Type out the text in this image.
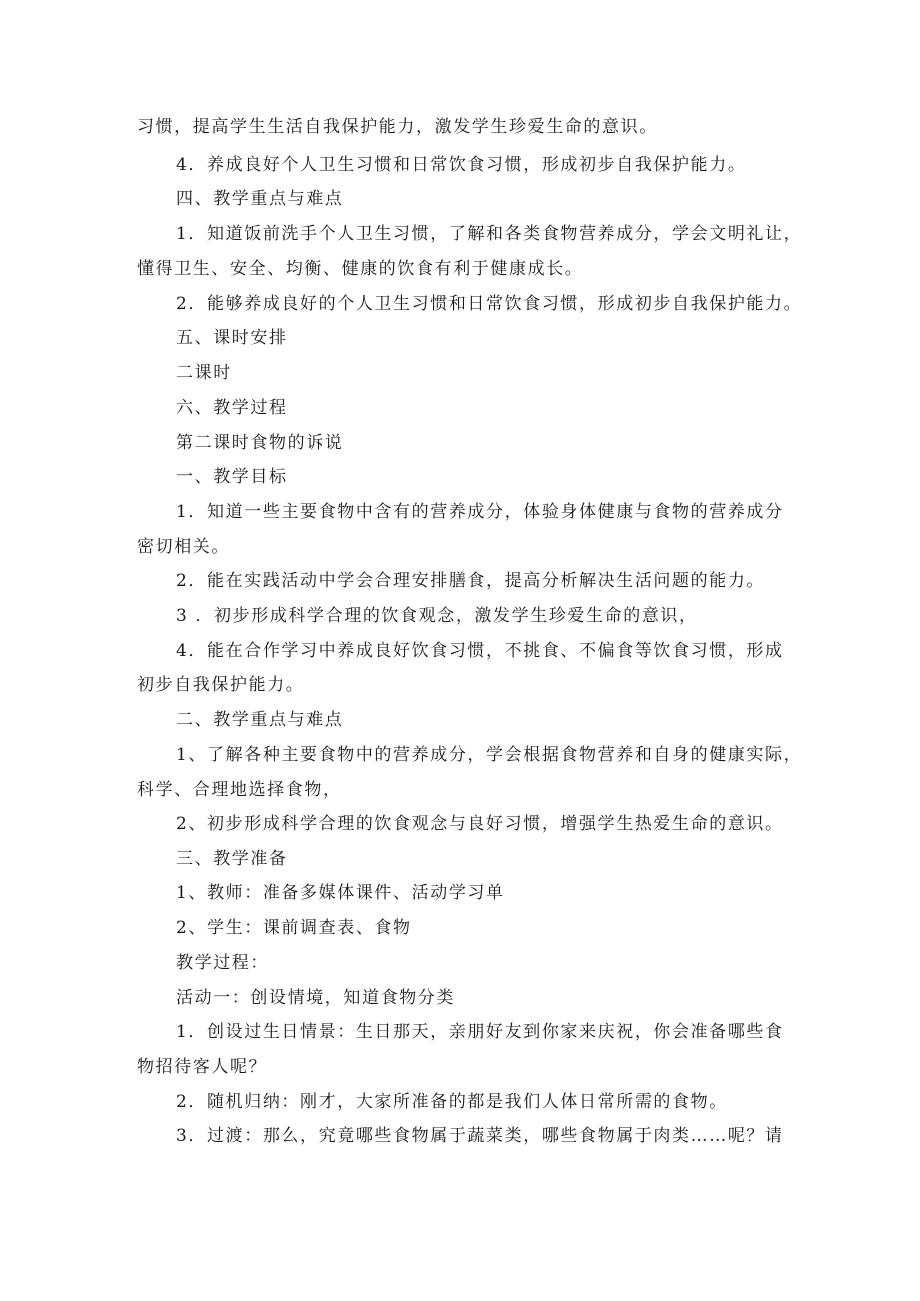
习惯，提高学生生活自我保护能力，激发学生珍爱生命的意识。
4．养成良好个人卫生习惯和日常饮食习惯，形成初步自我保护能力。
四、教学重点与难点
1．知道饭前洗手个人卫生习惯，了解和各类食物营养成分，学会文明礼让，
懂得卫生、安全、均衡、健康的饮食有利于健康成长。
2．能够养成良好的个人卫生习惯和日常饮食习惯，形成初步自我保护能力。
五、课时安排
二课时
六、教学过程
第二课时食物的诉说
一、教学目标
1．知道一些主要食物中含有的营养成分，体验身体健康与食物的营养成分
密切相关。
2．能在实践活动中学会合理安排膳食，提高分析解决生活问题的能力。
3 ．初步形成科学合理的饮食观念，激发学生珍爱生命的意识，
4．能在合作学习中养成良好饮食习惯，不挑食、不偏食等饮食习惯，形成
初步自我保护能力。
二、教学重点与难点
1、了解各种主要食物中的营养成分，学会根据食物营养和自身的健康实际，
科学、合理地选择食物，
2、初步形成科学合理的饮食观念与良好习惯，增强学生热爱生命的意识。
三、教学准备
1、教师：准备多媒体课件、活动学习单
2、学生：课前调查表、食物
教学过程：
活动一：创设情境，知道食物分类
1．创设过生日情景：生日那天，亲朋好友到你家来庆祝，你会准备哪些食
物招待客人呢？
2．随机归纳：刚才，大家所准备的都是我们人体日常所需的食物。
3．过渡：那么，究竟哪些食物属于蔬菜类，哪些食物属于肉类……呢？请
